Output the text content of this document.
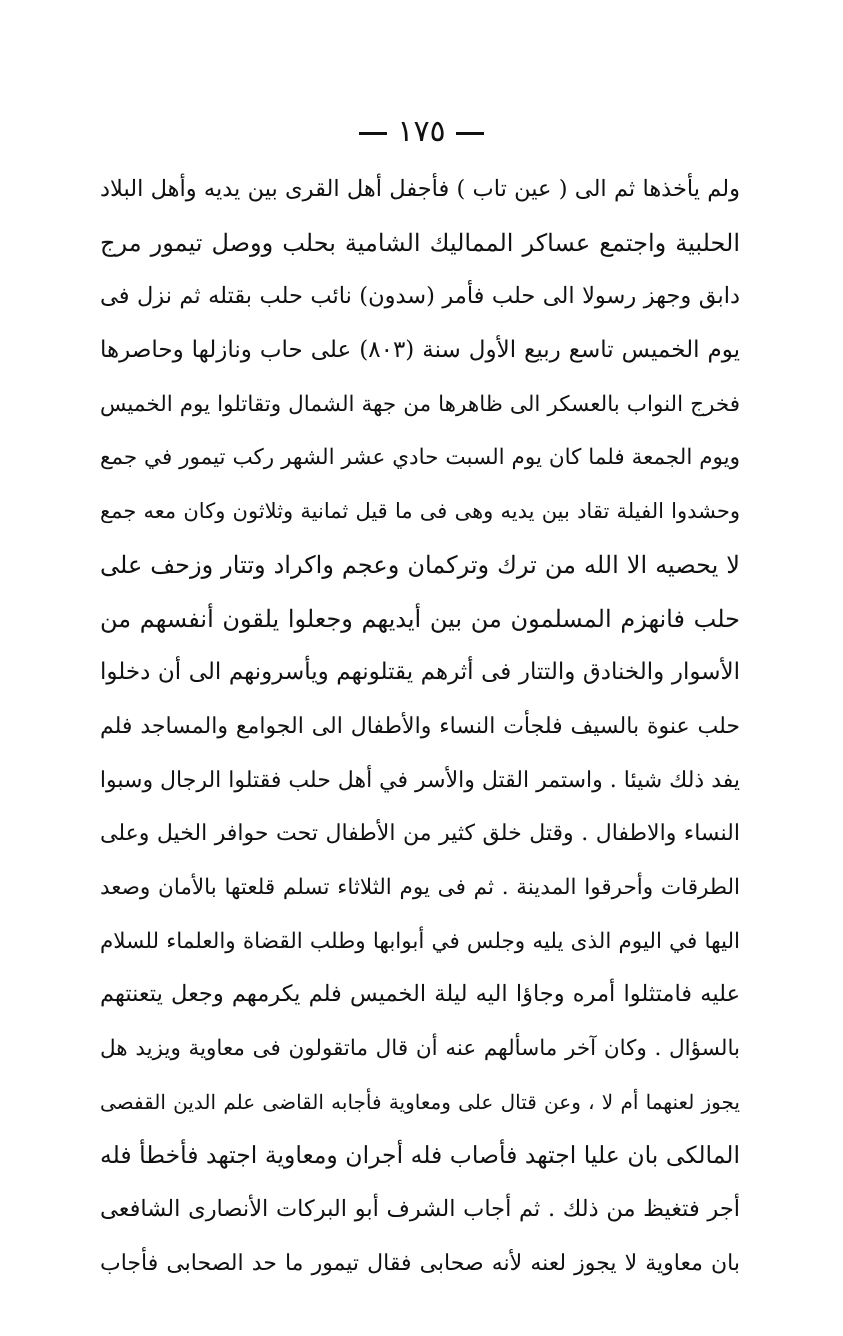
١٧٥
ولم يأخذها ثم الى ( عين تاب ) فأجفل أهل القرى بين يديه وأهل البلاد
الحلبية واجتمع عساكر المماليك الشامية بحلب ووصل تيمور مرج
دابق وجهز رسولا الى حلب فأمر (سدون) نائب حلب بقتله ثم نزل فى
يوم الخميس تاسع ربيع الأول سنة (٨٠٣) على حاب ونازلها وحاصرها
فخرج النواب بالعسكر الى ظاهرها من جهة الشمال وتقاتلوا يوم الخميس
ويوم الجمعة فلما كان يوم السبت حادي عشر الشهر ركب تيمور في جمع
وحشدوا الفيلة تقاد بين يديه وهى فى ما قيل ثمانية وثلاثون وكان معه جمع
لا يحصيه الا الله من ترك وتركمان وعجم واكراد وتتار وزحف على
حلب فانهزم المسلمون من بين أيديهم وجعلوا يلقون أنفسهم من
الأسوار والخنادق والتتار فى أثرهم يقتلونهم ويأسرونهم الى أن دخلوا
حلب عنوة بالسيف فلجأت النساء والأطفال الى الجوامع والمساجد فلم
يفد ذلك شيئا . واستمر القتل والأسر في أهل حلب فقتلوا الرجال وسبوا
النساء والاطفال . وقتل خلق كثير من الأطفال تحت حوافر الخيل وعلى
الطرقات وأحرقوا المدينة . ثم فى يوم الثلاثاء تسلم قلعتها بالأمان وصعد
اليها في اليوم الذى يليه وجلس في أبوابها وطلب القضاة والعلماء للسلام
عليه فامتثلوا أمره وجاؤا اليه ليلة الخميس فلم يكرمهم وجعل يتعنتهم
بالسؤال . وكان آخر ماسألهم عنه أن قال ماتقولون فى معاوية ويزيد هل
يجوز لعنهما أم لا ، وعن قتال على ومعاوية فأجابه القاضى علم الدين القفصى
المالكى بان عليا اجتهد فأصاب فله أجران ومعاوية اجتهد فأخطأ فله
أجر فتغيظ من ذلك . ثم أجاب الشرف أبو البركات الأنصارى الشافعى
بان معاوية لا يجوز لعنه لأنه صحابى فقال تيمور ما حد الصحابى فأجاب
